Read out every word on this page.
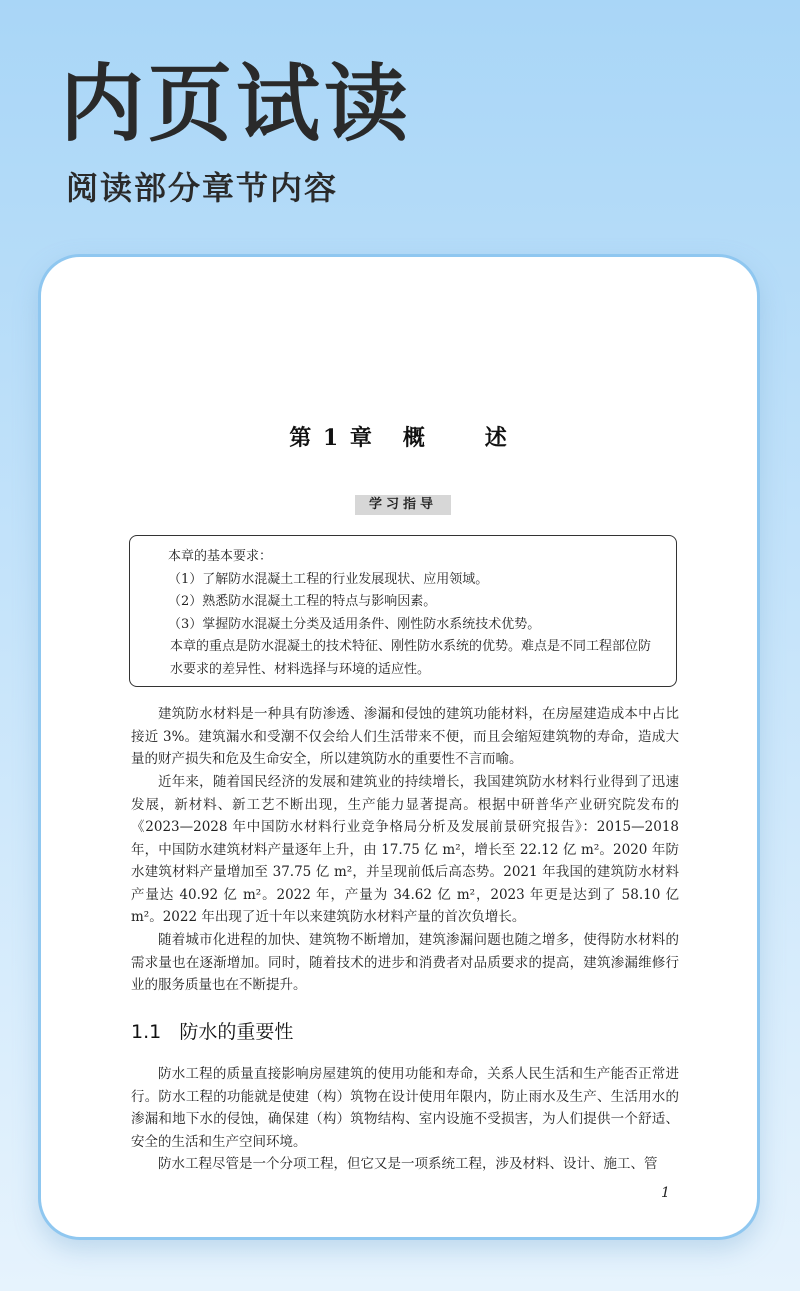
内页试读
阅读部分章节内容
第 1 章   概      述
学习指导

本章的基本要求：

（1）了解防水混凝土工程的行业发展现状、应用领域。

（2）熟悉防水混凝土工程的特点与影响因素。

（3）掌握防水混凝土分类及适用条件、刚性防水系统技术优势。

本章的重点是防水混凝土的技术特征、刚性防水系统的优势。难点是不同工程部位防水要求的差异性、材料选择与环境的适应性。

建筑防水材料是一种具有防渗透、渗漏和侵蚀的建筑功能材料，在房屋建造成本中占比接近 3%。建筑漏水和受潮不仅会给人们生活带来不便，而且会缩短建筑物的寿命，造成大量的财产损失和危及生命安全，所以建筑防水的重要性不言而喻。

近年来，随着国民经济的发展和建筑业的持续增长，我国建筑防水材料行业得到了迅速发展，新材料、新工艺不断出现，生产能力显著提高。根据中研普华产业研究院发布的《2023—2028 年中国防水材料行业竞争格局分析及发展前景研究报告》：2015—2018 年，中国防水建筑材料产量逐年上升，由 17.75 亿 m²，增长至 22.12 亿 m²。2020 年防水建筑材料产量增加至 37.75 亿 m²，并呈现前低后高态势。2021 年我国的建筑防水材料产量达 40.92 亿 m²。2022 年，产量为 34.62 亿 m²，2023 年更是达到了 58.10 亿 m²。2022 年出现了近十年以来建筑防水材料产量的首次负增长。

随着城市化进程的加快、建筑物不断增加，建筑渗漏问题也随之增多，使得防水材料的需求量也在逐渐增加。同时，随着技术的进步和消费者对品质要求的提高，建筑渗漏维修行业的服务质量也在不断提升。

1.1   防水的重要性

防水工程的质量直接影响房屋建筑的使用功能和寿命，关系人民生活和生产能否正常进行。防水工程的功能就是使建（构）筑物在设计使用年限内，防止雨水及生产、生活用水的渗漏和地下水的侵蚀，确保建（构）筑物结构、室内设施不受损害，为人们提供一个舒适、安全的生活和生产空间环境。

防水工程尽管是一个分项工程，但它又是一项系统工程，涉及材料、设计、施工、管

1
